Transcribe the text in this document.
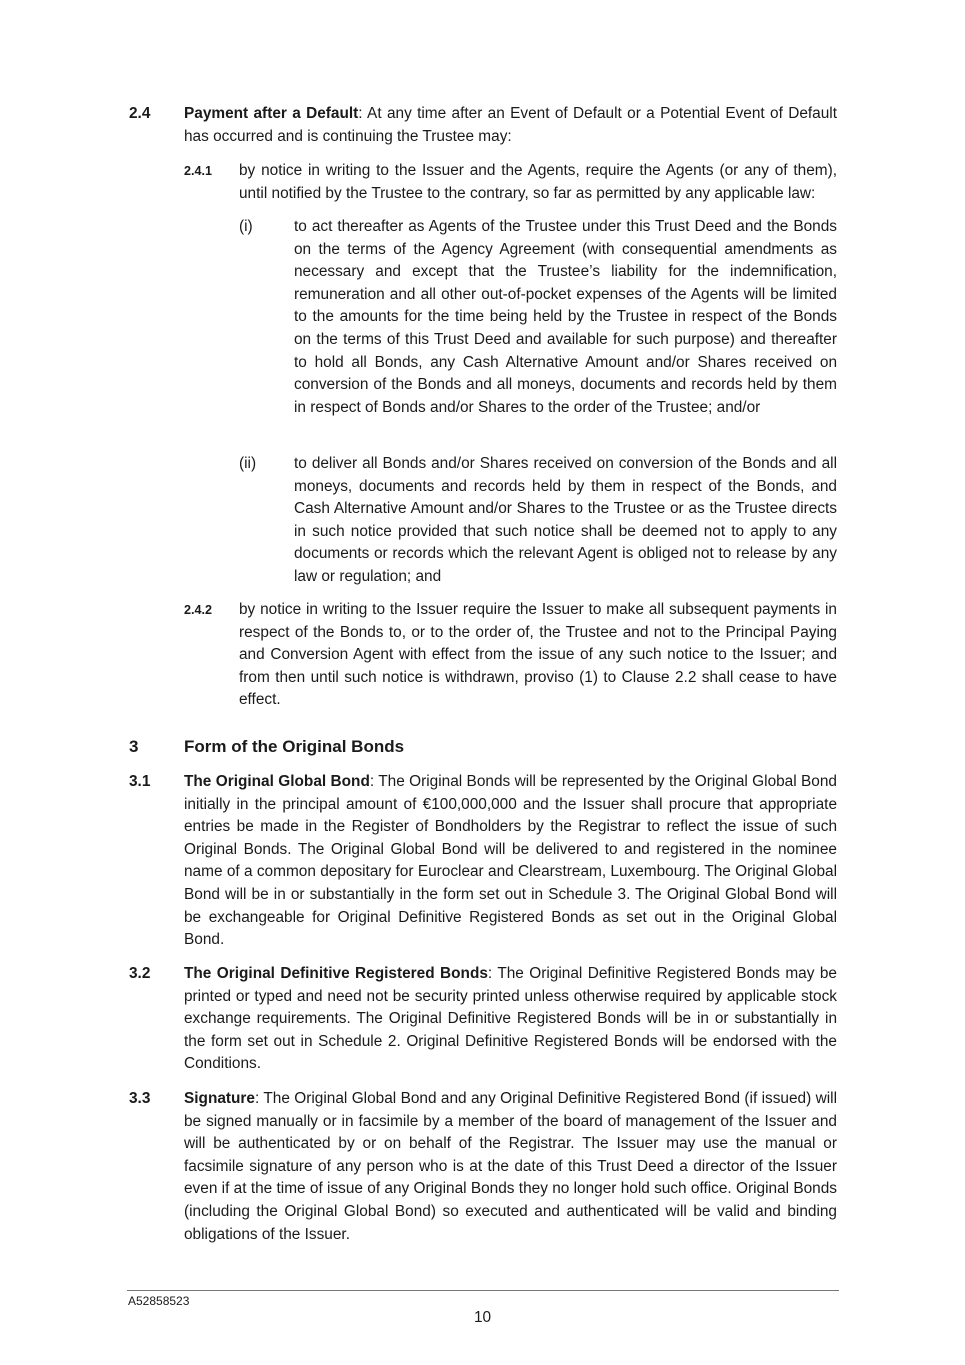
2.4 Payment after a Default: At any time after an Event of Default or a Potential Event of Default has occurred and is continuing the Trustee may:
2.4.1 by notice in writing to the Issuer and the Agents, require the Agents (or any of them), until notified by the Trustee to the contrary, so far as permitted by any applicable law:
(i)	to act thereafter as Agents of the Trustee under this Trust Deed and the Bonds on the terms of the Agency Agreement (with consequential amendments as necessary and except that the Trustee’s liability for the indemnification, remuneration and all other out-of-pocket expenses of the Agents will be limited to the amounts for the time being held by the Trustee in respect of the Bonds on the terms of this Trust Deed and available for such purpose) and thereafter to hold all Bonds, any Cash Alternative Amount and/or Shares received on conversion of the Bonds and all moneys, documents and records held by them in respect of Bonds and/or Shares to the order of the Trustee; and/or
(ii) to deliver all Bonds and/or Shares received on conversion of the Bonds and all moneys, documents and records held by them in respect of the Bonds, and Cash Alternative Amount and/or Shares to the Trustee or as the Trustee directs in such notice provided that such notice shall be deemed not to apply to any documents or records which the relevant Agent is obliged not to release by any law or regulation; and
2.4.2 by notice in writing to the Issuer require the Issuer to make all subsequent payments in respect of the Bonds to, or to the order of, the Trustee and not to the Principal Paying and Conversion Agent with effect from the issue of any such notice to the Issuer; and from then until such notice is withdrawn, proviso (1) to Clause 2.2 shall cease to have effect.
3	Form of the Original Bonds
3.1 The Original Global Bond: The Original Bonds will be represented by the Original Global Bond initially in the principal amount of €100,000,000 and the Issuer shall procure that appropriate entries be made in the Register of Bondholders by the Registrar to reflect the issue of such Original Bonds. The Original Global Bond will be delivered to and registered in the nominee name of a common depositary for Euroclear and Clearstream, Luxembourg. The Original Global Bond will be in or substantially in the form set out in Schedule 3. The Original Global Bond will be exchangeable for Original Definitive Registered Bonds as set out in the Original Global Bond.
3.2 The Original Definitive Registered Bonds: The Original Definitive Registered Bonds may be printed or typed and need not be security printed unless otherwise required by applicable stock exchange requirements. The Original Definitive Registered Bonds will be in or substantially in the form set out in Schedule 2. Original Definitive Registered Bonds will be endorsed with the Conditions.
3.3 Signature: The Original Global Bond and any Original Definitive Registered Bond (if issued) will be signed manually or in facsimile by a member of the board of management of the Issuer and will be authenticated by or on behalf of the Registrar. The Issuer may use the manual or facsimile signature of any person who is at the date of this Trust Deed a director of the Issuer even if at the time of issue of any Original Bonds they no longer hold such office. Original Bonds (including the Original Global Bond) so executed and authenticated will be valid and binding obligations of the Issuer.
A52858523
10
